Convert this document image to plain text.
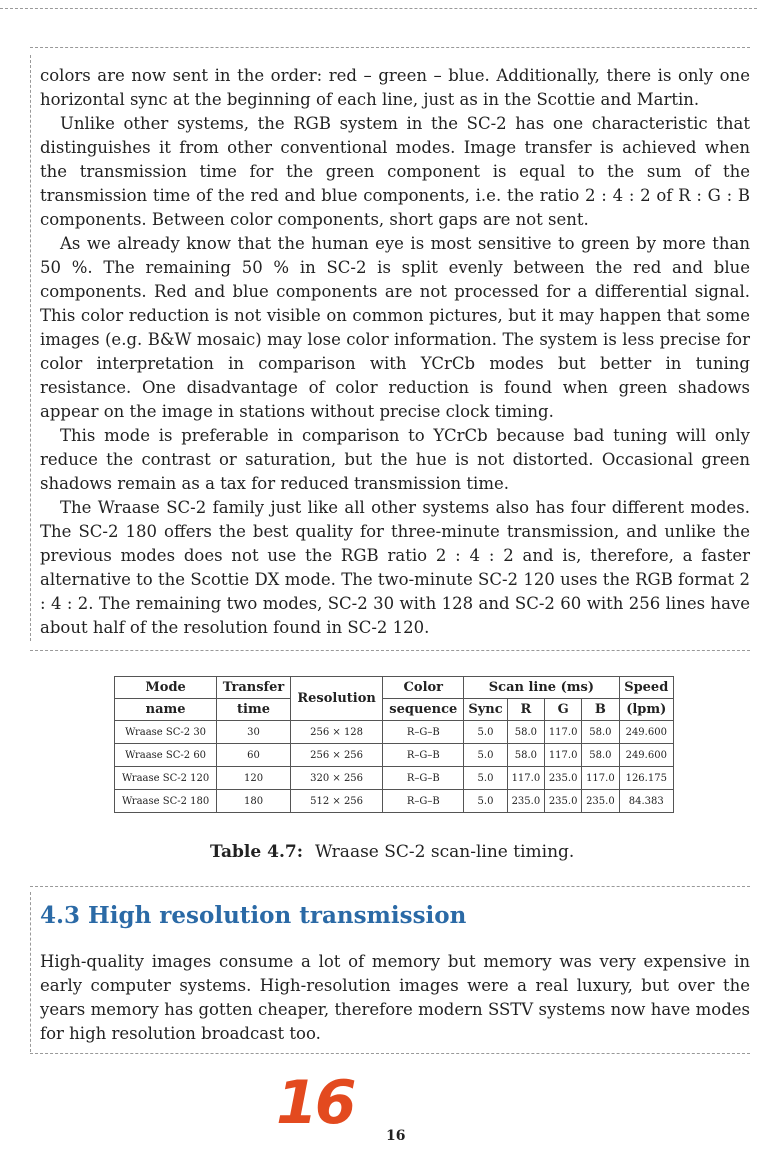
colors are now sent in the order: red – green – blue. Additionally, there is only one horizontal sync at the beginning of each line, just as in the Scottie and Martin.

Unlike other systems, the RGB system in the SC-2 has one characteristic that distinguishes it from other conventional modes. Image transfer is achieved when the transmission time for the green component is equal to the sum of the transmission time of the red and blue components, i.e. the ratio 2 : 4 : 2 of R : G : B components. Between color components, short gaps are not sent.

As we already know that the human eye is most sensitive to green by more than 50 %. The remaining 50 % in SC-2 is split evenly between the red and blue components. Red and blue components are not processed for a differential signal. This color reduction is not visible on common pictures, but it may happen that some images (e.g. B&W mosaic) may lose color information. The system is less precise for color interpretation in comparison with YCrCb modes but better in tuning resistance. One disadvantage of color reduction is found when green shadows appear on the image in stations without precise clock timing.

This mode is preferable in comparison to YCrCb because bad tuning will only reduce the contrast or saturation, but the hue is not distorted. Occasional green shadows remain as a tax for reduced transmission time.

The Wraase SC-2 family just like all other systems also has four different modes. The SC-2 180 offers the best quality for three-minute transmission, and unlike the previous modes does not use the RGB ratio 2 : 4 : 2 and is, therefore, a faster alternative to the Scottie DX mode. The two-minute SC-2 120 uses the RGB format 2 : 4 : 2. The remaining two modes, SC-2 30 with 128 and SC-2 60 with 256 lines have about half of the resolution found in SC-2 120.

Mode	Transfer	Resolution	Color	Scan line (ms)				Speed
name	time		sequence	Sync	R	G	B	(lpm)
Wraase SC-2 30	30	256 × 128	R–G–B	5.0	58.0	117.0	58.0	249.600
Wraase SC-2 60	60	256 × 256	R–G–B	5.0	58.0	117.0	58.0	249.600
Wraase SC-2 120	120	320 × 256	R–G–B	5.0	117.0	235.0	117.0	126.175
Wraase SC-2 180	180	512 × 256	R–G–B	5.0	235.0	235.0	235.0	84.383
Table 4.7: Wraase SC-2 scan-line timing.
4.3 High resolution transmission

High-quality images consume a lot of memory but memory was very expensive in early computer systems. High-resolution images were a real luxury, but over the years memory has gotten cheaper, therefore modern SSTV systems now have modes for high resolution broadcast too.

16 16
